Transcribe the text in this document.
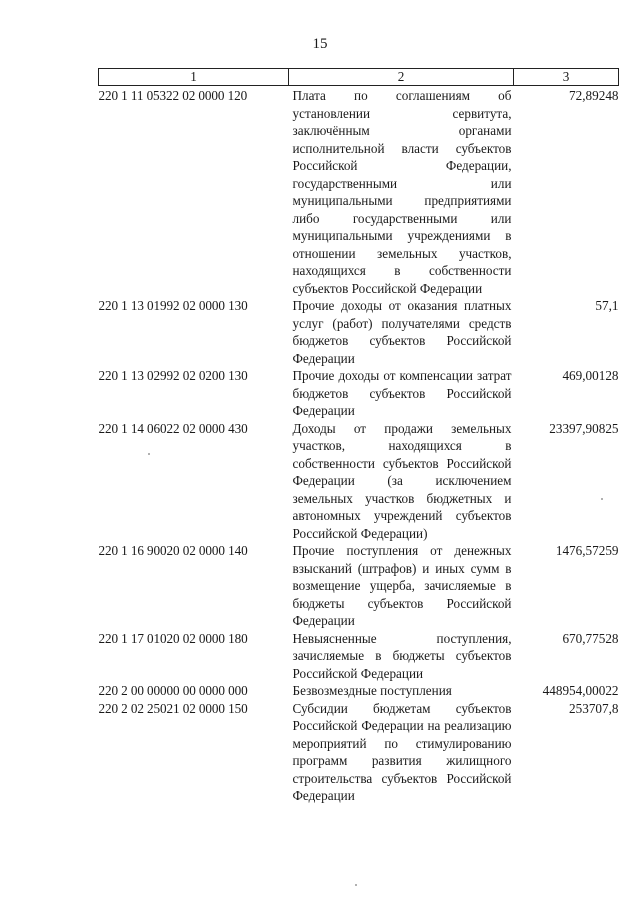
15
1	2	3
220 1 11 05322 02 0000 120	Плата по соглашениям об установлении сервитута, заключённым органами исполнительной власти субъектов Российской Федерации, государственными или муниципальными предприятиями либо государственными или муниципальными учреждениями в отношении земельных участков, находящихся в собственности субъектов Российской Федерации	72,89248
220 1 13 01992 02 0000 130	Прочие доходы от оказания платных услуг (работ) получателями средств бюджетов субъектов Российской Федерации	57,1
220 1 13 02992 02 0200 130	Прочие доходы от компенсации затрат бюджетов субъектов Российской Федерации	469,00128
220 1 14 06022 02 0000 430	Доходы от продажи земельных участков, находящихся в собственности субъектов Российской Федерации (за исключением земельных участков бюджетных и автономных учреждений субъектов Российской Федерации)	23397,90825
220 1 16 90020 02 0000 140	Прочие поступления от денежных взысканий (штрафов) и иных сумм в возмещение ущерба, зачисляемые в бюджеты субъектов Российской Федерации	1476,57259
220 1 17 01020 02 0000 180	Невыясненные поступления, зачисляемые в бюджеты субъектов Российской Федерации	670,77528
220 2 00 00000 00 0000 000	Безвозмездные поступления	448954,00022
220 2 02 25021 02 0000 150	Субсидии бюджетам субъектов Российской Федерации на реализацию мероприятий по стимулированию программ развития жилищного строительства субъектов Российской Федерации	253707,8
